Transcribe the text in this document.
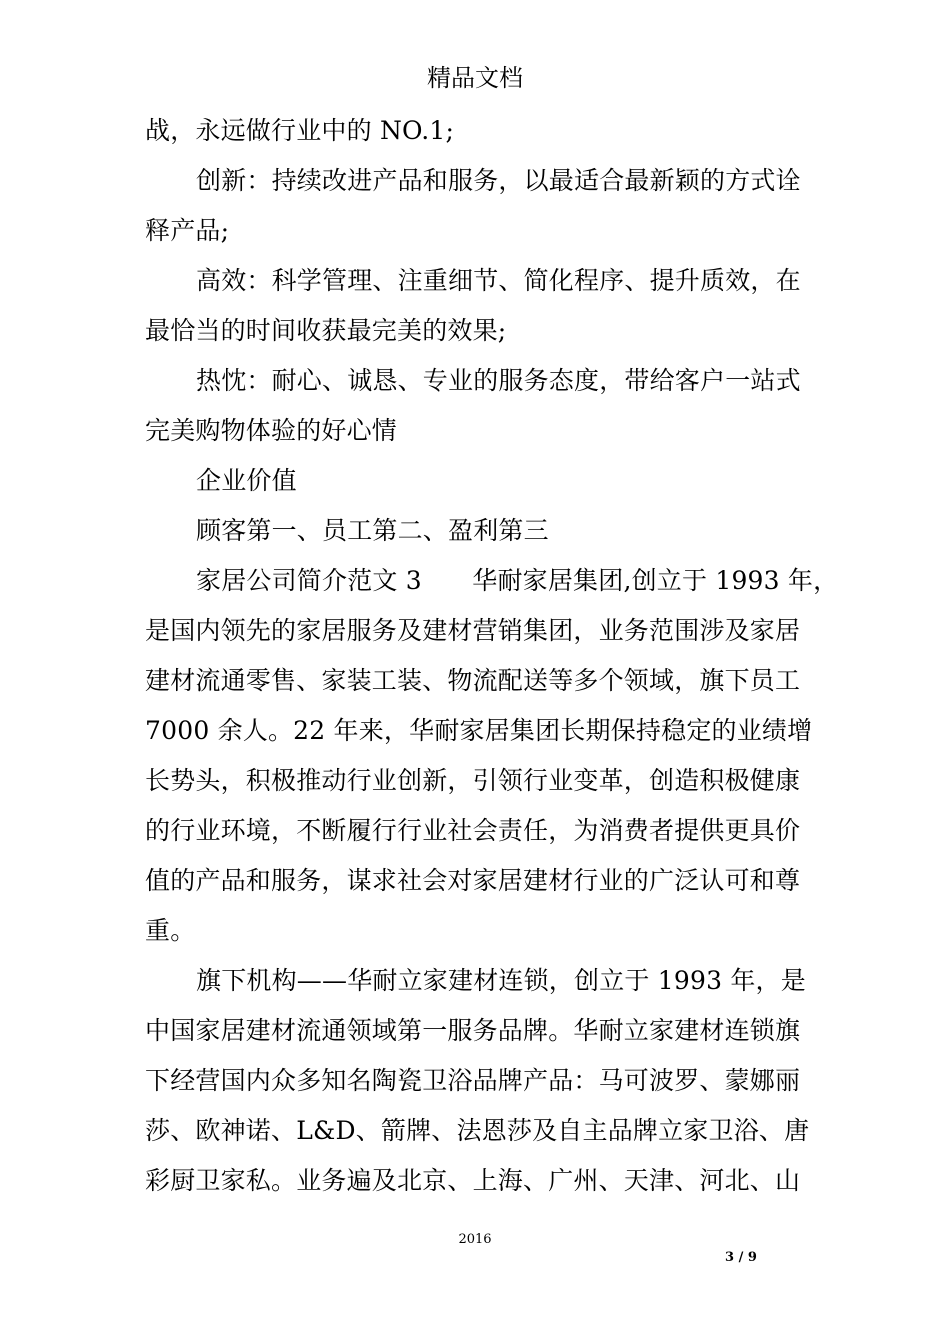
精品文档
战，永远做行业中的 NO.1;
创新：持续改进产品和服务，以最适合最新颖的方式诠
释产品;
高效：科学管理、注重细节、简化程序、提升质效，在
最恰当的时间收获最完美的效果;
热忱：耐心、诚恳、专业的服务态度，带给客户一站式
完美购物体验的好心情
企业价值
顾客第一、员工第二、盈利第三
家居公司简介范文 3　　华耐家居集团,创立于 1993 年，
是国内领先的家居服务及建材营销集团，业务范围涉及家居
建材流通零售、家装工装、物流配送等多个领域，旗下员工
7000 余人。22 年来，华耐家居集团长期保持稳定的业绩增
长势头，积极推动行业创新，引领行业变革，创造积极健康
的行业环境，不断履行行业社会责任，为消费者提供更具价
值的产品和服务，谋求社会对家居建材行业的广泛认可和尊
重。
旗下机构——华耐立家建材连锁，创立于 1993 年，是
中国家居建材流通领域第一服务品牌。华耐立家建材连锁旗
下经营国内众多知名陶瓷卫浴品牌产品：马可波罗、蒙娜丽
莎、欧神诺、L&D、箭牌、法恩莎及自主品牌立家卫浴、唐
彩厨卫家私。业务遍及北京、上海、广州、天津、河北、山
2016
3 / 9
